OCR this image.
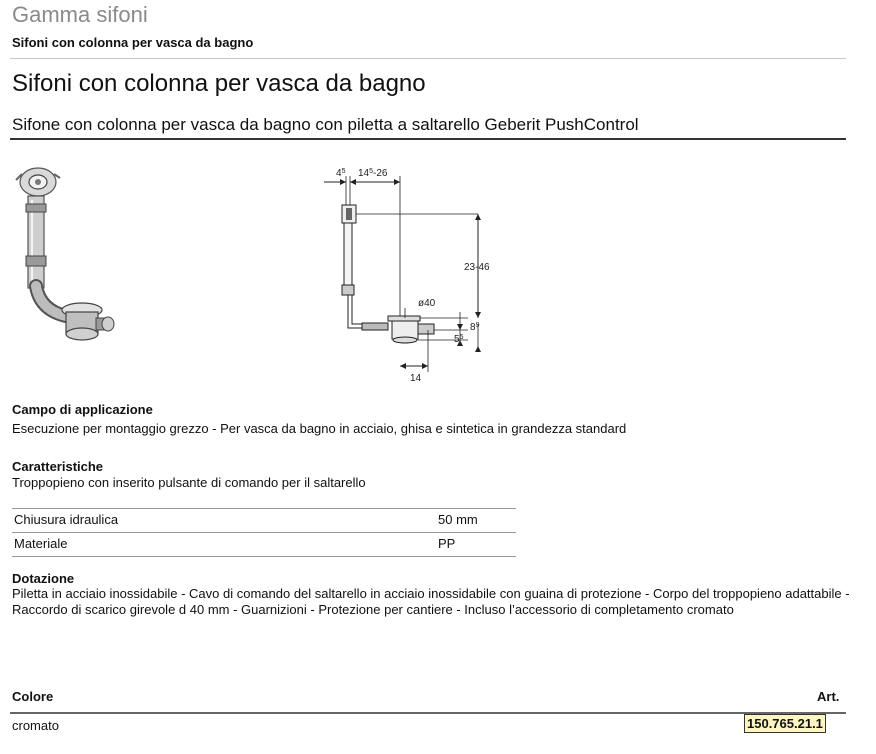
Gamma sifoni
Sifoni con colonna per vasca da bagno
Sifoni con colonna per vasca da bagno
Sifone con colonna per vasca da bagno con piletta a saltarello Geberit PushControl
$4^5$ $14^5-26$
23-46
ø40
$5^5$
$8^9$
14
Campo di applicazione
Esecuzione per montaggio grezzo - Per vasca da bagno in acciaio, ghisa e sintetica in grandezza standard
Caratteristiche
Troppopieno con inserito pulsante di comando per il saltarello
Chiusura idraulica	50 mm
Materiale	PP
Dotazione
Piletta in acciaio inossidabile - Cavo di comando del saltarello in acciaio inossidabile con guaina di protezione - Corpo del troppopieno adattabile - Raccordo di scarico girevole d 40 mm - Guarnizioni - Protezione per cantiere - Incluso l’accessorio di completamento cromato
Colore	Art.
cromato	150.765.21.1
